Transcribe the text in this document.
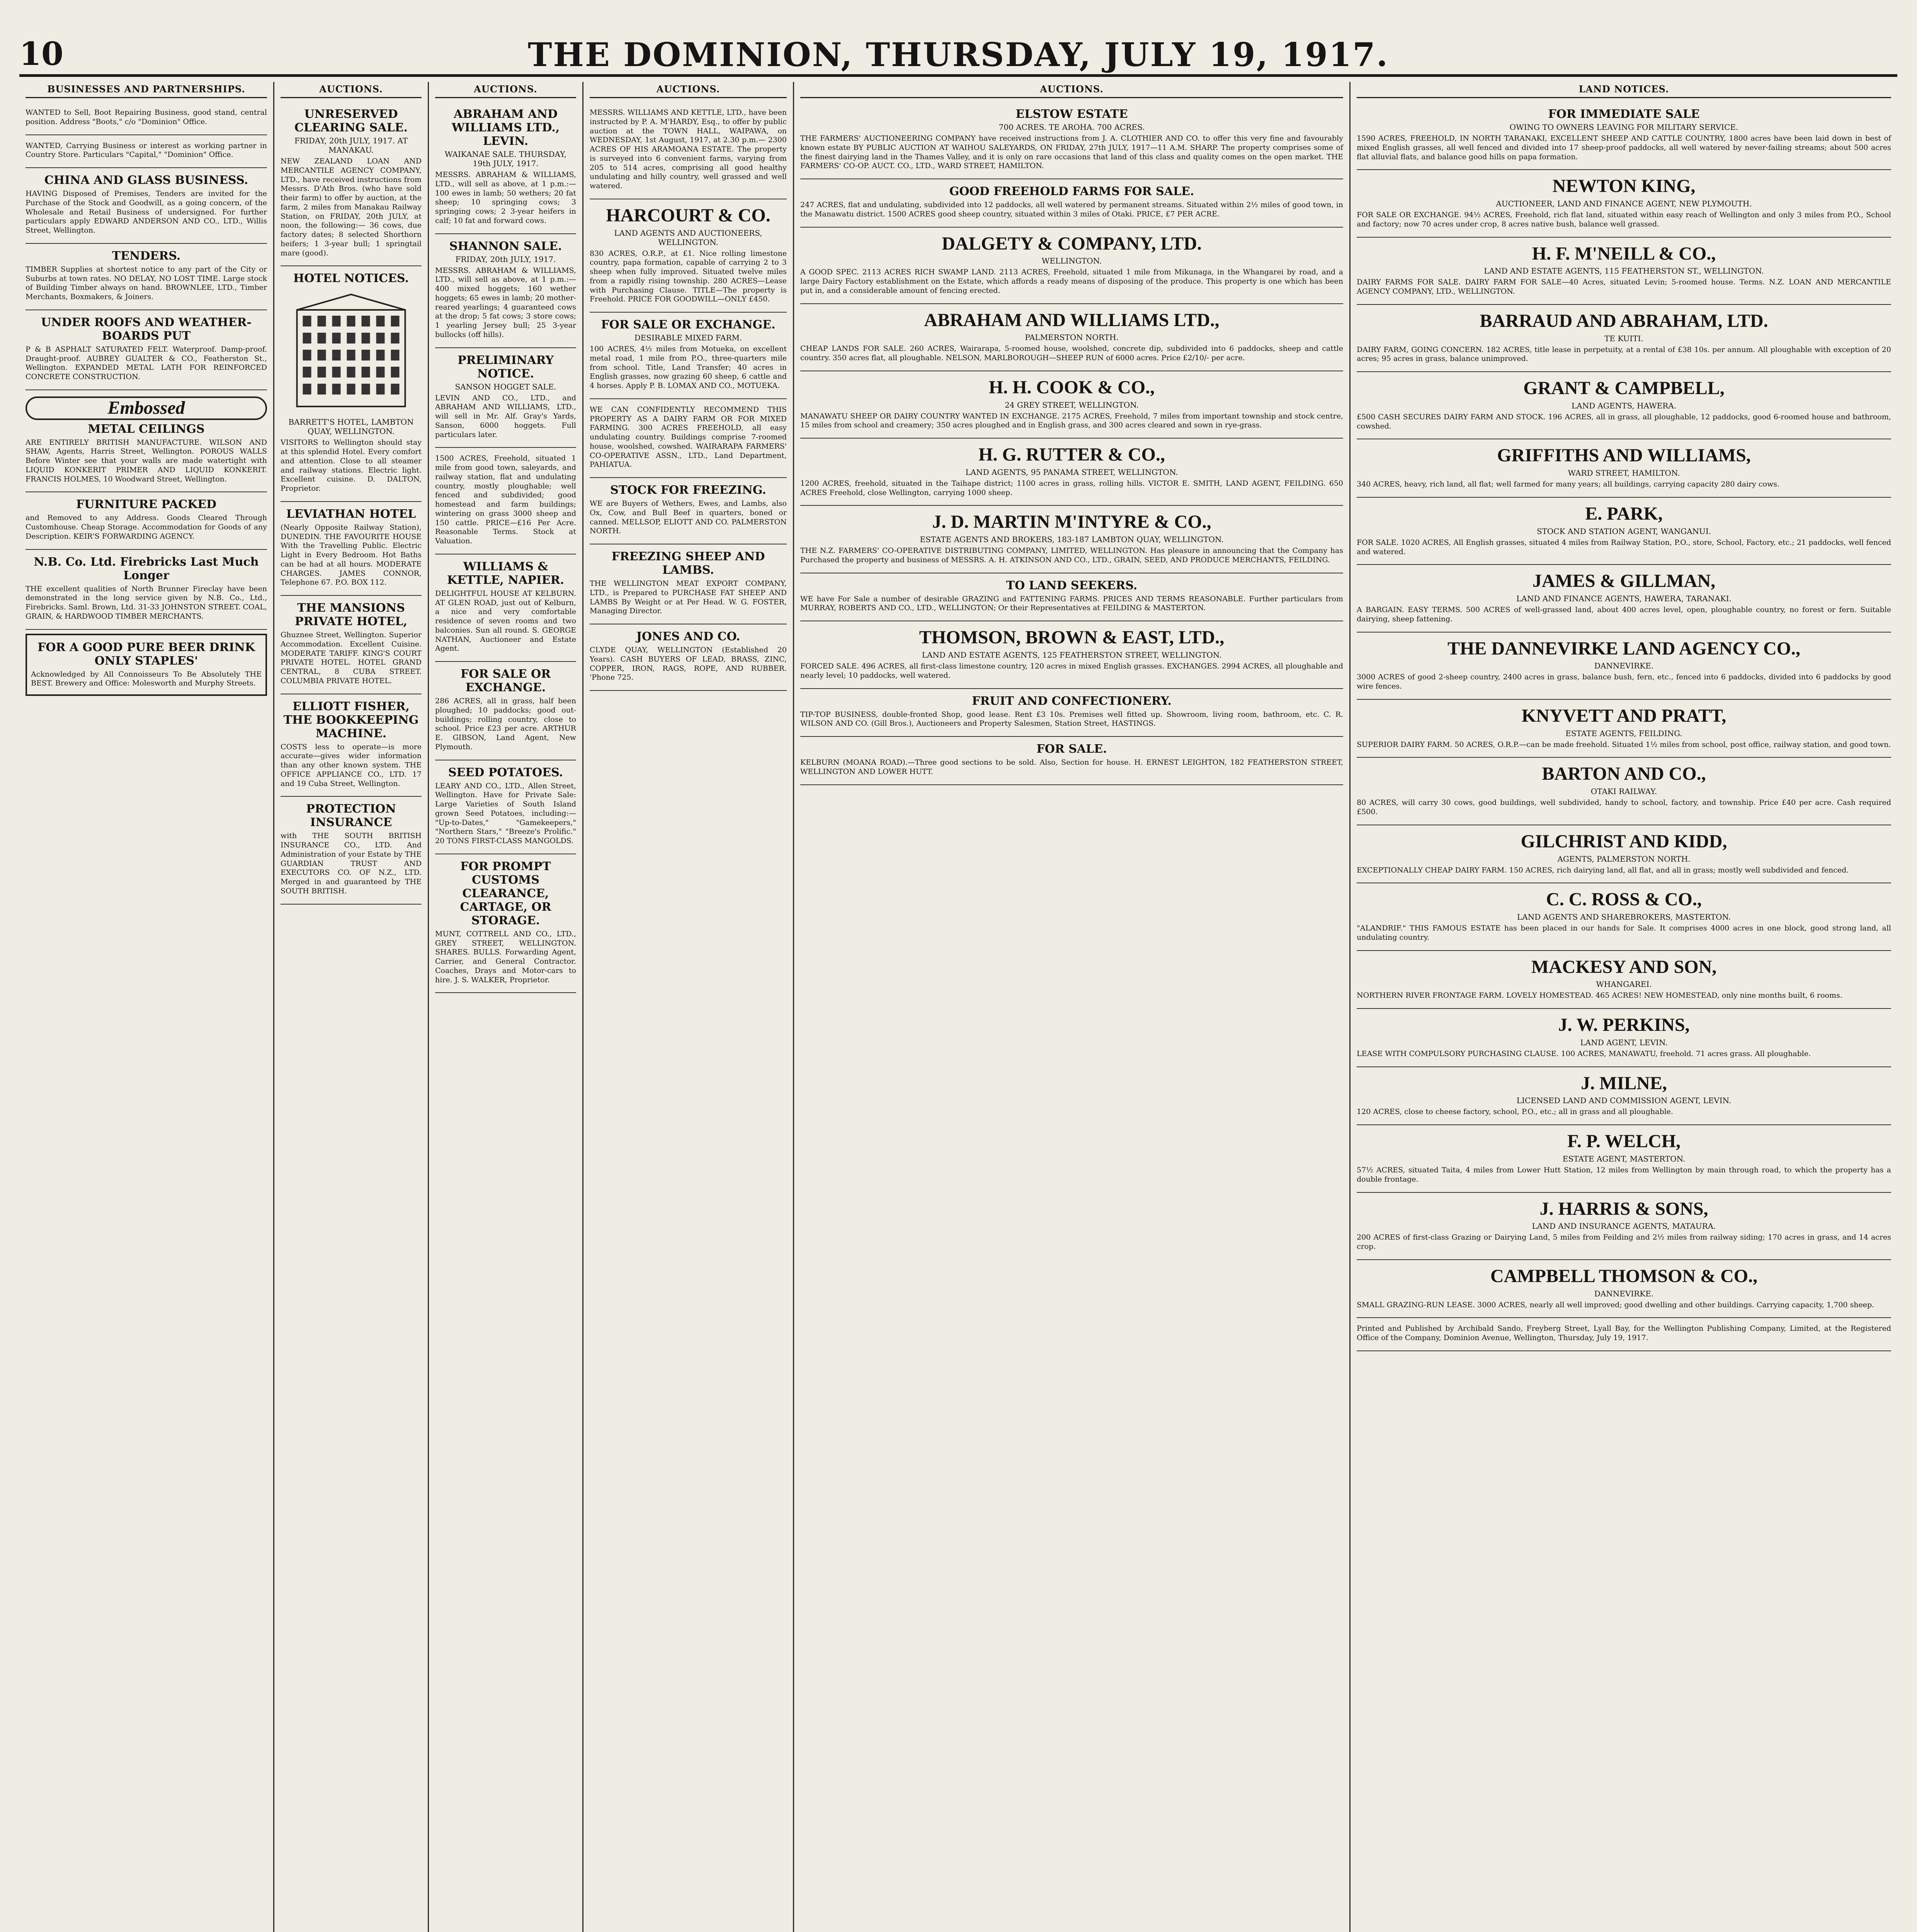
10	THE DOMINION, THURSDAY, JULY 19, 1917.
BUSINESSES AND PARTNERSHIPS.

WANTED to Sell, Boot Repairing Business, good stand, central position. Address "Boots," c/o "Dominion" Office.

WANTED, Carrying Business or interest as working partner in Country Store. Particulars "Capital," "Dominion" Office.

CHINA AND GLASS BUSINESS.

HAVING Disposed of Premises, Tenders are invited for the Purchase of the Stock and Goodwill, as a going concern, of the Wholesale and Retail Business of undersigned. For further particulars apply EDWARD ANDERSON AND CO., LTD., Willis Street, Wellington.

TENDERS.

TIMBER Supplies at shortest notice to any part of the City or Suburbs at town rates. NO DELAY, NO LOST TIME. Large stock of Building Timber always on hand. BROWNLEE, LTD., Timber Merchants, Boxmakers, & Joiners.

UNDER ROOFS AND WEATHER-BOARDS PUT

P & B ASPHALT SATURATED FELT. Waterproof. Damp-proof. Draught-proof. AUBREY GUALTER & CO., Featherston St., Wellington. EXPANDED METAL LATH FOR REINFORCED CONCRETE CONSTRUCTION.

Embossed
METAL CEILINGS

ARE ENTIRELY BRITISH MANUFACTURE. WILSON AND SHAW, Agents, Harris Street, Wellington. POROUS WALLS Before Winter see that your walls are made watertight with LIQUID KONKERIT PRIMER AND LIQUID KONKERIT. FRANCIS HOLMES, 10 Woodward Street, Wellington.

FURNITURE PACKED

and Removed to any Address. Goods Cleared Through Customhouse. Cheap Storage. Accommodation for Goods of any Description. KEIR'S FORWARDING AGENCY.

N.B. Co. Ltd. Firebricks Last Much Longer

THE excellent qualities of North Brunner Fireclay have been demonstrated in the long service given by N.B. Co., Ltd., Firebricks. Saml. Brown, Ltd. 31-33 JOHNSTON STREET. COAL, GRAIN, & HARDWOOD TIMBER MERCHANTS.

FOR A GOOD PURE BEER DRINK ONLY STAPLES'

Acknowledged by All Connoisseurs To Be Absolutely THE BEST. Brewery and Office: Molesworth and Murphy Streets.

AUCTIONS.
UNRESERVED CLEARING SALE.
FRIDAY, 20th JULY, 1917. AT MANAKAU.

NEW ZEALAND LOAN AND MERCANTILE AGENCY COMPANY, LTD., have received instructions from Messrs. D'Ath Bros. (who have sold their farm) to offer by auction, at the farm, 2 miles from Manakau Railway Station, on FRIDAY, 20th JULY, at noon, the following:— 36 cows, due factory dates; 8 selected Shorthorn heifers; 1 3-year bull; 1 springtail mare (good).

HOTEL NOTICES.
BARRETT'S HOTEL, LAMBTON QUAY, WELLINGTON.

VISITORS to Wellington should stay at this splendid Hotel. Every comfort and attention. Close to all steamer and railway stations. Electric light. Excellent cuisine. D. DALTON, Proprietor.

LEVIATHAN HOTEL

(Nearly Opposite Railway Station), DUNEDIN. THE FAVOURITE HOUSE With the Travelling Public. Electric Light in Every Bedroom. Hot Baths can be had at all hours. MODERATE CHARGES. JAMES CONNOR, Telephone 67. P.O. BOX 112.

THE MANSIONS PRIVATE HOTEL,

Ghuznee Street, Wellington. Superior Accommodation. Excellent Cuisine. MODERATE TARIFF. KING'S COURT PRIVATE HOTEL. HOTEL GRAND CENTRAL, 8 CUBA STREET. COLUMBIA PRIVATE HOTEL.

ELLIOTT FISHER, THE BOOKKEEPING MACHINE.

COSTS less to operate—is more accurate—gives wider information than any other known system. THE OFFICE APPLIANCE CO., LTD. 17 and 19 Cuba Street, Wellington.

PROTECTION INSURANCE

with THE SOUTH BRITISH INSURANCE CO., LTD. And Administration of your Estate by THE GUARDIAN TRUST AND EXECUTORS CO. OF N.Z., LTD. Merged in and guaranteed by THE SOUTH BRITISH.

AUCTIONS.
ABRAHAM AND WILLIAMS LTD., LEVIN.
WAIKANAE SALE. THURSDAY, 19th JULY, 1917.

MESSRS. ABRAHAM & WILLIAMS, LTD., will sell as above, at 1 p.m.:— 100 ewes in lamb; 50 wethers; 20 fat sheep; 10 springing cows; 3 springing cows; 2 3-year heifers in calf; 10 fat and forward cows.

SHANNON SALE.
FRIDAY, 20th JULY, 1917.

MESSRS. ABRAHAM & WILLIAMS, LTD., will sell as above, at 1 p.m.:— 400 mixed hoggets; 160 wether hoggets; 65 ewes in lamb; 20 mother-reared yearlings; 4 guaranteed cows at the drop; 5 fat cows; 3 store cows; 1 yearling Jersey bull; 25 3-year bullocks (off hills).

PRELIMINARY NOTICE.
SANSON HOGGET SALE.

LEVIN AND CO., LTD., and ABRAHAM AND WILLIAMS, LTD., will sell in Mr. Alf. Gray's Yards, Sanson, 6000 hoggets. Full particulars later.

1500 ACRES, Freehold, situated 1 mile from good town, saleyards, and railway station, flat and undulating country, mostly ploughable; well fenced and subdivided; good homestead and farm buildings; wintering on grass 3000 sheep and 150 cattle. PRICE—£16 Per Acre. Reasonable Terms. Stock at Valuation.

WILLIAMS & KETTLE, NAPIER.

DELIGHTFUL HOUSE AT KELBURN. AT GLEN ROAD, just out of Kelburn, a nice and very comfortable residence of seven rooms and two balconies. Sun all round. S. GEORGE NATHAN, Auctioneer and Estate Agent.

FOR SALE OR EXCHANGE.

286 ACRES, all in grass, half been ploughed; 10 paddocks; good out-buildings; rolling country, close to school. Price £23 per acre. ARTHUR E. GIBSON, Land Agent, New Plymouth.

SEED POTATOES.

LEARY AND CO., LTD., Allen Street, Wellington. Have for Private Sale: Large Varieties of South Island grown Seed Potatoes, including:— "Up-to-Dates," "Gamekeepers," "Northern Stars," "Breeze's Prolific." 20 TONS FIRST-CLASS MANGOLDS.

FOR PROMPT CUSTOMS CLEARANCE, CARTAGE, OR STORAGE.

MUNT, COTTRELL AND CO., LTD., GREY STREET, WELLINGTON. SHARES. BULLS. Forwarding Agent, Carrier, and General Contractor. Coaches, Drays and Motor-cars to hire. J. S. WALKER, Proprietor.

AUCTIONS.

MESSRS. WILLIAMS AND KETTLE, LTD., have been instructed by P. A. M'HARDY, Esq., to offer by public auction at the TOWN HALL, WAIPAWA, on WEDNESDAY, 1st August, 1917, at 2.30 p.m.— 2300 ACRES OF HIS ARAMOANA ESTATE. The property is surveyed into 6 convenient farms, varying from 205 to 514 acres, comprising all good healthy undulating and hilly country, well grassed and well watered.

HARCOURT & CO.
LAND AGENTS AND AUCTIONEERS, WELLINGTON.

830 ACRES, O.R.P., at £1. Nice rolling limestone country, papa formation, capable of carrying 2 to 3 sheep when fully improved. Situated twelve miles from a rapidly rising township. 280 ACRES—Lease with Purchasing Clause. TITLE—The property is Freehold. PRICE FOR GOODWILL—ONLY £450.

FOR SALE OR EXCHANGE.
DESIRABLE MIXED FARM.

100 ACRES, 4½ miles from Motueka, on excellent metal road, 1 mile from P.O., three-quarters mile from school. Title, Land Transfer; 40 acres in English grasses, now grazing 60 sheep, 6 cattle and 4 horses. Apply P. B. LOMAX AND CO., MOTUEKA.

WE CAN CONFIDENTLY RECOMMEND THIS PROPERTY AS A DAIRY FARM OR FOR MIXED FARMING. 300 ACRES FREEHOLD, all easy undulating country. Buildings comprise 7-roomed house, woolshed, cowshed. WAIRARAPA FARMERS' CO-OPERATIVE ASSN., LTD., Land Department, PAHIATUA.

STOCK FOR FREEZING.

WE are Buyers of Wethers, Ewes, and Lambs, also Ox, Cow, and Bull Beef in quarters, boned or canned. MELLSOP, ELIOTT AND CO. PALMERSTON NORTH.

FREEZING SHEEP AND LAMBS.

THE WELLINGTON MEAT EXPORT COMPANY, LTD., is Prepared to PURCHASE FAT SHEEP AND LAMBS By Weight or at Per Head. W. G. FOSTER, Managing Director.

JONES AND CO.

CLYDE QUAY, WELLINGTON (Established 20 Years). CASH BUYERS OF LEAD, BRASS, ZINC, COPPER, IRON, RAGS, ROPE, AND RUBBER. 'Phone 725.

AUCTIONS.
ELSTOW ESTATE
700 ACRES. TE AROHA. 700 ACRES.

THE FARMERS' AUCTIONEERING COMPANY have received instructions from J. A. CLOTHIER AND CO. to offer this very fine and favourably known estate BY PUBLIC AUCTION AT WAIHOU SALEYARDS, ON FRIDAY, 27th JULY, 1917—11 A.M. SHARP. The property comprises some of the finest dairying land in the Thames Valley, and it is only on rare occasions that land of this class and quality comes on the open market. THE FARMERS' CO-OP. AUCT. CO., LTD., WARD STREET, HAMILTON.

GOOD FREEHOLD FARMS FOR SALE.

247 ACRES, flat and undulating, subdivided into 12 paddocks, all well watered by permanent streams. Situated within 2½ miles of good town, in the Manawatu district. 1500 ACRES good sheep country, situated within 3 miles of Otaki. PRICE, £7 PER ACRE.

DALGETY & COMPANY, LTD.
WELLINGTON.

A GOOD SPEC. 2113 ACRES RICH SWAMP LAND. 2113 ACRES, Freehold, situated 1 mile from Mikunaga, in the Whangarei by road, and a large Dairy Factory establishment on the Estate, which affords a ready means of disposing of the produce. This property is one which has been put in, and a considerable amount of fencing erected.

ABRAHAM AND WILLIAMS LTD.,
PALMERSTON NORTH.

CHEAP LANDS FOR SALE. 260 ACRES, Wairarapa, 5-roomed house, woolshed, concrete dip, subdivided into 6 paddocks, sheep and cattle country. 350 acres flat, all ploughable. NELSON, MARLBOROUGH—SHEEP RUN of 6000 acres. Price £2/10/- per acre.

H. H. COOK & CO.,
24 GREY STREET, WELLINGTON.

MANAWATU SHEEP OR DAIRY COUNTRY WANTED IN EXCHANGE. 2175 ACRES, Freehold, 7 miles from important township and stock centre, 15 miles from school and creamery; 350 acres ploughed and in English grass, and 300 acres cleared and sown in rye-grass.

H. G. RUTTER & CO.,
LAND AGENTS, 95 PANAMA STREET, WELLINGTON.

1200 ACRES, freehold, situated in the Taihape district; 1100 acres in grass, rolling hills. VICTOR E. SMITH, LAND AGENT, FEILDING. 650 ACRES Freehold, close Wellington, carrying 1000 sheep.

J. D. MARTIN M'INTYRE & CO.,
ESTATE AGENTS AND BROKERS, 183-187 LAMBTON QUAY, WELLINGTON.

THE N.Z. FARMERS' CO-OPERATIVE DISTRIBUTING COMPANY, LIMITED, WELLINGTON. Has pleasure in announcing that the Company has Purchased the property and business of MESSRS. A. H. ATKINSON AND CO., LTD., GRAIN, SEED, AND PRODUCE MERCHANTS, FEILDING.

TO LAND SEEKERS.

WE have For Sale a number of desirable GRAZING and FATTENING FARMS. PRICES AND TERMS REASONABLE. Further particulars from MURRAY, ROBERTS AND CO., LTD., WELLINGTON; Or their Representatives at FEILDING & MASTERTON.

THOMSON, BROWN & EAST, LTD.,
LAND AND ESTATE AGENTS, 125 FEATHERSTON STREET, WELLINGTON.

FORCED SALE. 496 ACRES, all first-class limestone country, 120 acres in mixed English grasses. EXCHANGES. 2994 ACRES, all ploughable and nearly level; 10 paddocks, well watered.

FRUIT AND CONFECTIONERY.

TIP-TOP BUSINESS, double-fronted Shop, good lease. Rent £3 10s. Premises well fitted up. Showroom, living room, bathroom, etc. C. R. WILSON AND CO. (Gill Bros.), Auctioneers and Property Salesmen, Station Street, HASTINGS.

FOR SALE.

KELBURN (MOANA ROAD).—Three good sections to be sold. Also, Section for house. H. ERNEST LEIGHTON, 182 FEATHERSTON STREET, WELLINGTON AND LOWER HUTT.

LAND NOTICES.
FOR IMMEDIATE SALE
OWING TO OWNERS LEAVING FOR MILITARY SERVICE.

1590 ACRES, FREEHOLD, IN NORTH TARANAKI, EXCELLENT SHEEP AND CATTLE COUNTRY, 1800 acres have been laid down in best of mixed English grasses, all well fenced and divided into 17 sheep-proof paddocks, all well watered by never-failing streams; about 500 acres flat alluvial flats, and balance good hills on papa formation.

NEWTON KING,
AUCTIONEER, LAND AND FINANCE AGENT, NEW PLYMOUTH.

FOR SALE OR EXCHANGE. 94½ ACRES, Freehold, rich flat land, situated within easy reach of Wellington and only 3 miles from P.O., School and factory; now 70 acres under crop, 8 acres native bush, balance well grassed.

H. F. M'NEILL & CO.,
LAND AND ESTATE AGENTS, 115 FEATHERSTON ST., WELLINGTON.

DAIRY FARMS FOR SALE. DAIRY FARM FOR SALE—40 Acres, situated Levin; 5-roomed house. Terms. N.Z. LOAN AND MERCANTILE AGENCY COMPANY, LTD., WELLINGTON.

BARRAUD AND ABRAHAM, LTD.
TE KUITI.

DAIRY FARM, GOING CONCERN. 182 ACRES, title lease in perpetuity, at a rental of £38 10s. per annum. All ploughable with exception of 20 acres; 95 acres in grass, balance unimproved.

GRANT & CAMPBELL,
LAND AGENTS, HAWERA.

£500 CASH SECURES DAIRY FARM AND STOCK. 196 ACRES, all in grass, all ploughable, 12 paddocks, good 6-roomed house and bathroom, cowshed.

GRIFFITHS AND WILLIAMS,
WARD STREET, HAMILTON.

340 ACRES, heavy, rich land, all flat; well farmed for many years; all buildings, carrying capacity 280 dairy cows.

E. PARK,
STOCK AND STATION AGENT, WANGANUI.

FOR SALE. 1020 ACRES, All English grasses, situated 4 miles from Railway Station, P.O., store, School, Factory, etc.; 21 paddocks, well fenced and watered.

JAMES & GILLMAN,
LAND AND FINANCE AGENTS, HAWERA, TARANAKI.

A BARGAIN. EASY TERMS. 500 ACRES of well-grassed land, about 400 acres level, open, ploughable country, no forest or fern. Suitable dairying, sheep fattening.

THE DANNEVIRKE LAND AGENCY CO.,
DANNEVIRKE.

3000 ACRES of good 2-sheep country, 2400 acres in grass, balance bush, fern, etc., fenced into 6 paddocks, divided into 6 paddocks by good wire fences.

KNYVETT AND PRATT,
ESTATE AGENTS, FEILDING.

SUPERIOR DAIRY FARM. 50 ACRES, O.R.P.—can be made freehold. Situated 1½ miles from school, post office, railway station, and good town.

BARTON AND CO.,
OTAKI RAILWAY.

80 ACRES, will carry 30 cows, good buildings, well subdivided, handy to school, factory, and township. Price £40 per acre. Cash required £500.

GILCHRIST AND KIDD,
AGENTS, PALMERSTON NORTH.

EXCEPTIONALLY CHEAP DAIRY FARM. 150 ACRES, rich dairying land, all flat, and all in grass; mostly well subdivided and fenced.

C. C. ROSS & CO.,
LAND AGENTS AND SHAREBROKERS, MASTERTON.

"ALANDRIF." THIS FAMOUS ESTATE has been placed in our hands for Sale. It comprises 4000 acres in one block, good strong land, all undulating country.

MACKESY AND SON,
WHANGAREI.

NORTHERN RIVER FRONTAGE FARM. LOVELY HOMESTEAD. 465 ACRES! NEW HOMESTEAD, only nine months built, 6 rooms.

J. W. PERKINS,
LAND AGENT, LEVIN.

LEASE WITH COMPULSORY PURCHASING CLAUSE. 100 ACRES, MANAWATU, freehold. 71 acres grass. All ploughable.

J. MILNE,
LICENSED LAND AND COMMISSION AGENT, LEVIN.

120 ACRES, close to cheese factory, school, P.O., etc.; all in grass and all ploughable.

F. P. WELCH,
ESTATE AGENT, MASTERTON.

57½ ACRES, situated Taita, 4 miles from Lower Hutt Station, 12 miles from Wellington by main through road, to which the property has a double frontage.

J. HARRIS & SONS,
LAND AND INSURANCE AGENTS, MATAURA.

200 ACRES of first-class Grazing or Dairying Land, 5 miles from Feilding and 2½ miles from railway siding; 170 acres in grass, and 14 acres crop.

CAMPBELL THOMSON & CO.,
DANNEVIRKE.

SMALL GRAZING-RUN LEASE. 3000 ACRES, nearly all well improved; good dwelling and other buildings. Carrying capacity, 1,700 sheep.

Printed and Published by Archibald Sando, Freyberg Street, Lyall Bay, for the Wellington Publishing Company, Limited, at the Registered Office of the Company, Dominion Avenue, Wellington, Thursday, July 19, 1917.
